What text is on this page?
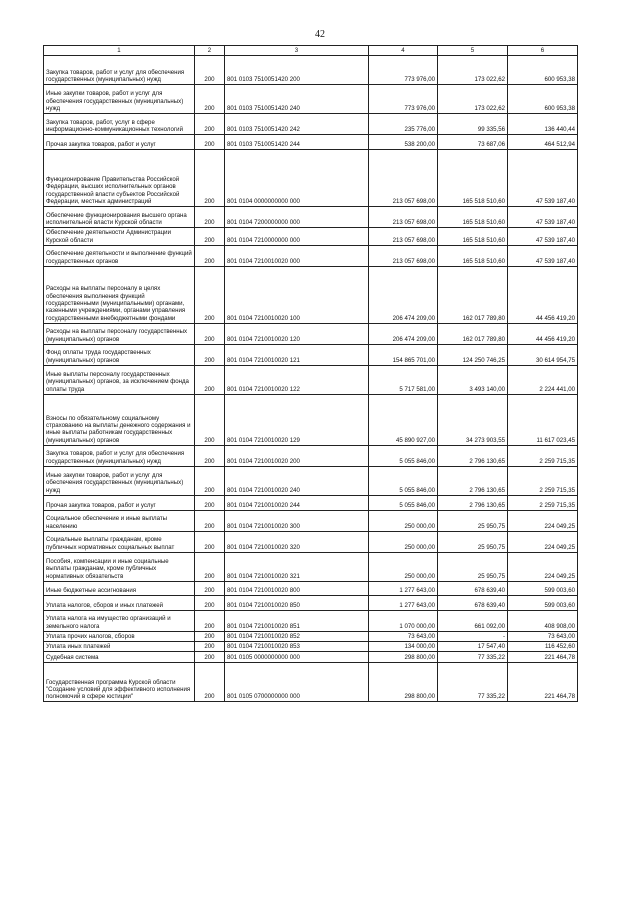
42
1	2	3	4	5	6
Закупка товаров, работ и услуг для обеспечения государственных (муниципальных) нужд	200	801 0103 7510051420 200	773 976,00	173 022,62	600 953,38
Иные закупки товаров, работ и услуг для обеспечения государственных (муниципальных) нужд	200	801 0103 7510051420 240	773 976,00	173 022,62	600 953,38
Закупка товаров, работ, услуг в сфере информационно-коммуникационных технологий	200	801 0103 7510051420 242	235 776,00	99 335,56	136 440,44
Прочая закупка товаров, работ и услуг	200	801 0103 7510051420 244	538 200,00	73 687,06	464 512,94
Функционирование Правительства Российской Федерации, высших исполнительных органов государственной власти субъектов Российской Федерации, местных администраций	200	801 0104 0000000000 000	213 057 698,00	165 518 510,60	47 539 187,40
Обеспечение функционирования высшего органа исполнительной власти Курской области	200	801 0104 7200000000 000	213 057 698,00	165 518 510,60	47 539 187,40
Обеспечение деятельности Администрации Курской области	200	801 0104 7210000000 000	213 057 698,00	165 518 510,60	47 539 187,40
Обеспечение деятельности и выполнение функций государственных органов	200	801 0104 7210010020 000	213 057 698,00	165 518 510,60	47 539 187,40
Расходы на выплаты персоналу в целях обеспечения выполнения функций государственными (муниципальными) органами, казенными учреждениями, органами управления государственными внебюджетными фондами	200	801 0104 7210010020 100	206 474 209,00	162 017 789,80	44 456 419,20
Расходы на выплаты персоналу государственных (муниципальных) органов	200	801 0104 7210010020 120	206 474 209,00	162 017 789,80	44 456 419,20
Фонд оплаты труда государственных (муниципальных) органов	200	801 0104 7210010020 121	154 865 701,00	124 250 746,25	30 614 954,75
Иные выплаты персоналу государственных (муниципальных) органов, за исключением фонда оплаты труда	200	801 0104 7210010020 122	5 717 581,00	3 493 140,00	2 224 441,00
Взносы по обязательному социальному страхованию на выплаты денежного содержания и иные выплаты работникам государственных (муниципальных) органов	200	801 0104 7210010020 129	45 890 927,00	34 273 903,55	11 617 023,45
Закупка товаров, работ и услуг для обеспечения государственных (муниципальных) нужд	200	801 0104 7210010020 200	5 055 846,00	2 796 130,65	2 259 715,35
Иные закупки товаров, работ и услуг для обеспечения государственных (муниципальных) нужд	200	801 0104 7210010020 240	5 055 846,00	2 796 130,65	2 259 715,35
Прочая закупка товаров, работ и услуг	200	801 0104 7210010020 244	5 055 846,00	2 796 130,65	2 259 715,35
Социальное обеспечение и иные выплаты населению	200	801 0104 7210010020 300	250 000,00	25 950,75	224 049,25
Социальные выплаты гражданам, кроме публичных нормативных социальных выплат	200	801 0104 7210010020 320	250 000,00	25 950,75	224 049,25
Пособия, компенсации и иные социальные выплаты гражданам, кроме публичных нормативных обязательств	200	801 0104 7210010020 321	250 000,00	25 950,75	224 049,25
Иные бюджетные ассигнования	200	801 0104 7210010020 800	1 277 643,00	678 639,40	599 003,60
Уплата налогов, сборов и иных платежей	200	801 0104 7210010020 850	1 277 643,00	678 639,40	599 003,60
Уплата налога на имущество организаций и земельного налога	200	801 0104 7210010020 851	1 070 000,00	661 092,00	408 908,00
Уплата прочих налогов, сборов	200	801 0104 7210010020 852	73 643,00	-	73 643,00
Уплата иных платежей	200	801 0104 7210010020 853	134 000,00	17 547,40	116 452,60
Судебная система	200	801 0105 0000000000 000	298 800,00	77 335,22	221 464,78
Государственная программа Курской области "Создание условий для эффективного исполнения полномочий в сфере юстиции"	200	801 0105 0700000000 000	298 800,00	77 335,22	221 464,78
